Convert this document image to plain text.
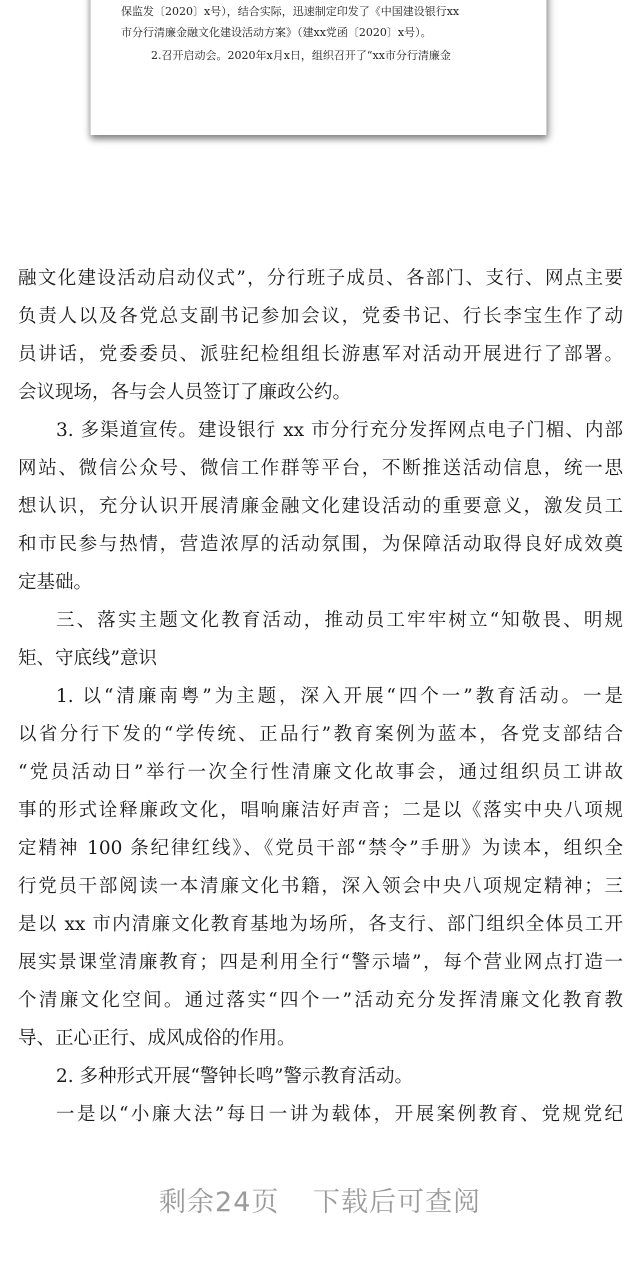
保监发〔2020〕x号），结合实际，迅速制定印发了《中国建设银行xx

市分行清廉金融文化建设活动方案》（建xx党函〔2020〕x号）。

2.召开启动会。2020年x月x日，组织召开了“xx市分行清廉金

融文化建设活动启动仪式”，分行班子成员、各部门、支行、网点主要
负责人以及各党总支副书记参加会议，党委书记、行长李宝生作了动
员讲话，党委委员、派驻纪检组组长游惠军对活动开展进行了部署。
会议现场，各与会人员签订了廉政公约。
3. 多渠道宣传。建设银行 xx 市分行充分发挥网点电子门楣、内部
网站、微信公众号、微信工作群等平台，不断推送活动信息，统一思
想认识，充分认识开展清廉金融文化建设活动的重要意义，激发员工
和市民参与热情，营造浓厚的活动氛围，为保障活动取得良好成效奠
定基础。
三、落实主题文化教育活动，推动员工牢牢树立“知敬畏、明规
矩、守底线”意识
1. 以“清廉南粤”为主题，深入开展“四个一”教育活动。一是
以省分行下发的“学传统、正品行”教育案例为蓝本，各党支部结合
“党员活动日”举行一次全行性清廉文化故事会，通过组织员工讲故
事的形式诠释廉政文化，唱响廉洁好声音；二是以《落实中央八项规
定精神 100 条纪律红线》、《党员干部“禁令”手册》为读本，组织全
行党员干部阅读一本清廉文化书籍，深入领会中央八项规定精神；三
是以 xx 市内清廉文化教育基地为场所，各支行、部门组织全体员工开
展实景课堂清廉教育；四是利用全行“警示墙”，每个营业网点打造一
个清廉文化空间。通过落实“四个一”活动充分发挥清廉文化教育教
导、正心正行、成风成俗的作用。
2. 多种形式开展“警钟长鸣”警示教育活动。
一是以“小廉大法”每日一讲为载体，开展案例教育、党规党纪
剩余24页 下载后可查阅
